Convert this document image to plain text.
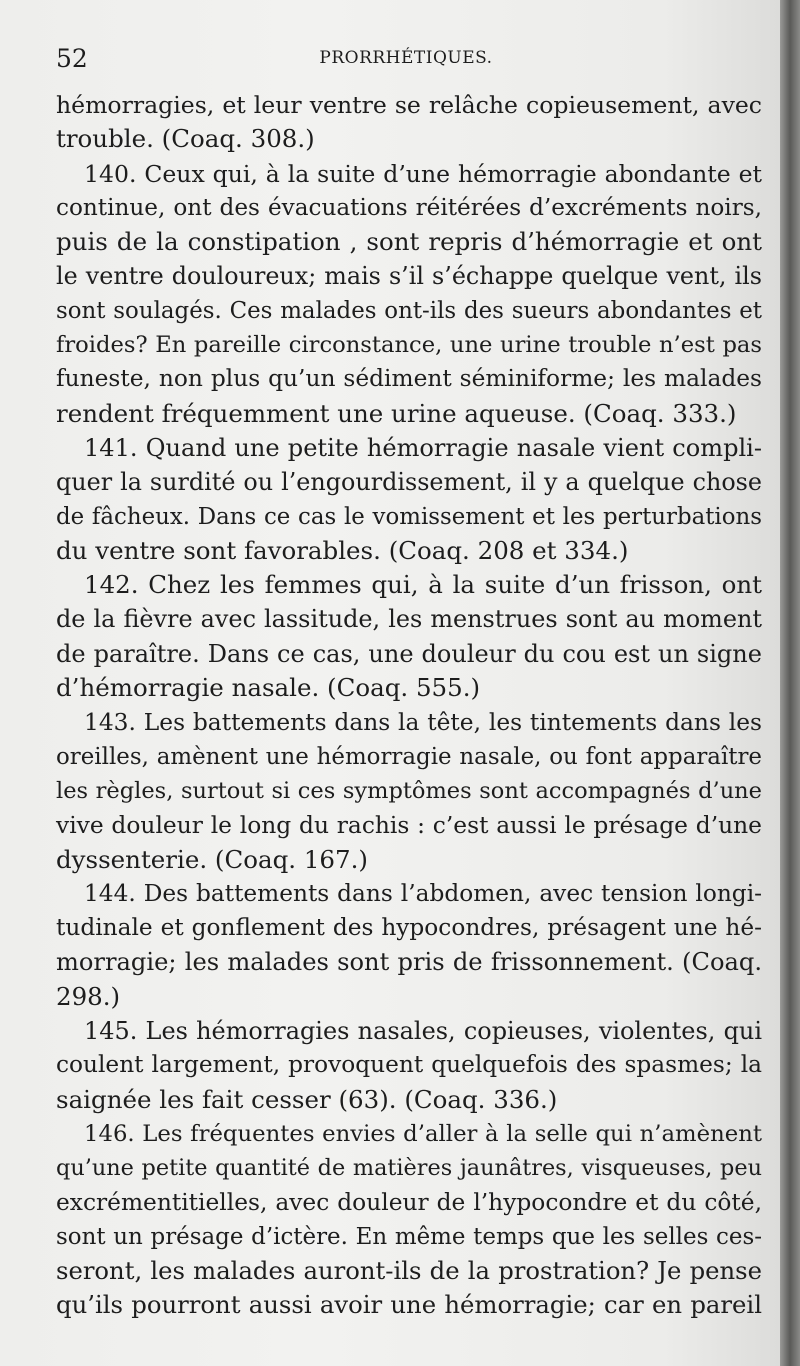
52	PRORRHÉTIQUES.
hémorragies, et leur ventre se relâche copieusement, avec
trouble. (Coaq. 308.)
140. Ceux qui, à la suite d’une hémorragie abondante et
continue, ont des évacuations réitérées d’excréments noirs,
puis de la constipation , sont repris d’hémorragie et ont
le ventre douloureux; mais s’il s’échappe quelque vent, ils
sont soulagés. Ces malades ont-ils des sueurs abondantes et
froides? En pareille circonstance, une urine trouble n’est pas
funeste, non plus qu’un sédiment séminiforme; les malades
rendent fréquemment une urine aqueuse. (Coaq. 333.)
141. Quand une petite hémorragie nasale vient compli-
quer la surdité ou l’engourdissement, il y a quelque chose
de fâcheux. Dans ce cas le vomissement et les perturbations
du ventre sont favorables. (Coaq. 208 et 334.)
142. Chez les femmes qui, à la suite d’un frisson, ont
de la fièvre avec lassitude, les menstrues sont au moment
de paraître. Dans ce cas, une douleur du cou est un signe
d’hémorragie nasale. (Coaq. 555.)
143. Les battements dans la tête, les tintements dans les
oreilles, amènent une hémorragie nasale, ou font apparaître
les règles, surtout si ces symptômes sont accompagnés d’une
vive douleur le long du rachis : c’est aussi le présage d’une
dyssenterie. (Coaq. 167.)
144. Des battements dans l’abdomen, avec tension longi-
tudinale et gonflement des hypocondres, présagent une hé-
morragie; les malades sont pris de frissonnement. (Coaq.
298.)
145. Les hémorragies nasales, copieuses, violentes, qui
coulent largement, provoquent quelquefois des spasmes; la
saignée les fait cesser (63). (Coaq. 336.)
146. Les fréquentes envies d’aller à la selle qui n’amènent
qu’une petite quantité de matières jaunâtres, visqueuses, peu
excrémentitielles, avec douleur de l’hypocondre et du côté,
sont un présage d’ictère. En même temps que les selles ces-
seront, les malades auront-ils de la prostration? Je pense
qu’ils pourront aussi avoir une hémorragie; car en pareil
